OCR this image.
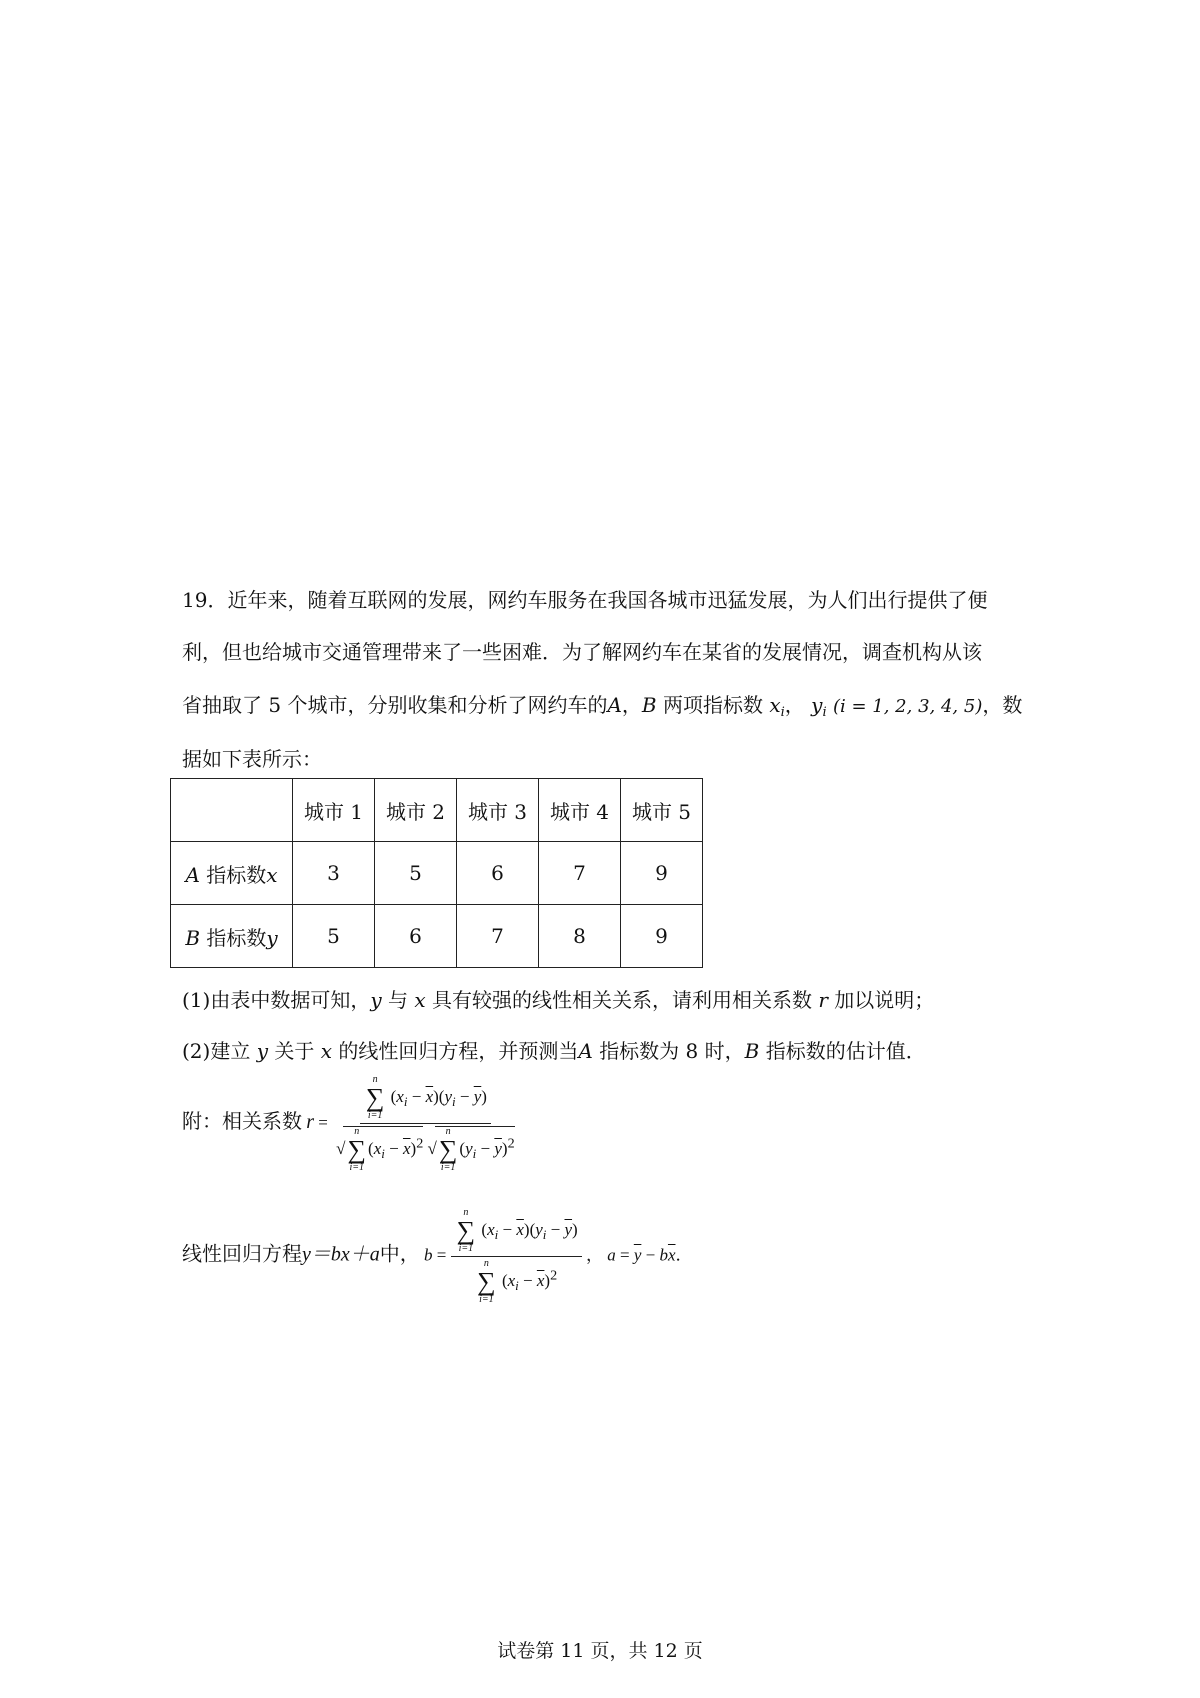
19．近年来，随着互联网的发展，网约车服务在我国各城市迅猛发展，为人们出行提供了便
利，但也给城市交通管理带来了一些困难．为了解网约车在某省的发展情况，调查机构从该
省抽取了 5 个城市，分别收集和分析了网约车的A，B 两项指标数 $x_i$， $y_i$ (i = 1, 2, 3, 4, 5)，数
据如下表所示：
	城市 1	城市 2	城市 3	城市 4	城市 5
A 指标数x	3	5	6	7	9
B 指标数y	5	6	7	8	9
(1)由表中数据可知，y 与 x 具有较强的线性相关关系，请利用相关系数 r 加以说明；
(2)建立 y 关于 x 的线性回归方程，并预测当A 指标数为 8 时，B 指标数的估计值．
附：相关系数 r = n
∑
i=1
$(x_i - \overline{x})(y_i - \overline{y})$
√
n
∑
i=1
$(x_i - \overline{x})^2$ √
n
∑
i=1
$(y_i - \overline{y})^2$
线性回归方程y＝bx＋a中， b = n
∑
i=1
$(x_i - \overline{x})(y_i - \overline{y})$
n
∑
i=1
$(x_i - \overline{x})^2$ ， $a = \overline{y} - b\overline{x}$．
试卷第 11 页，共 12 页
